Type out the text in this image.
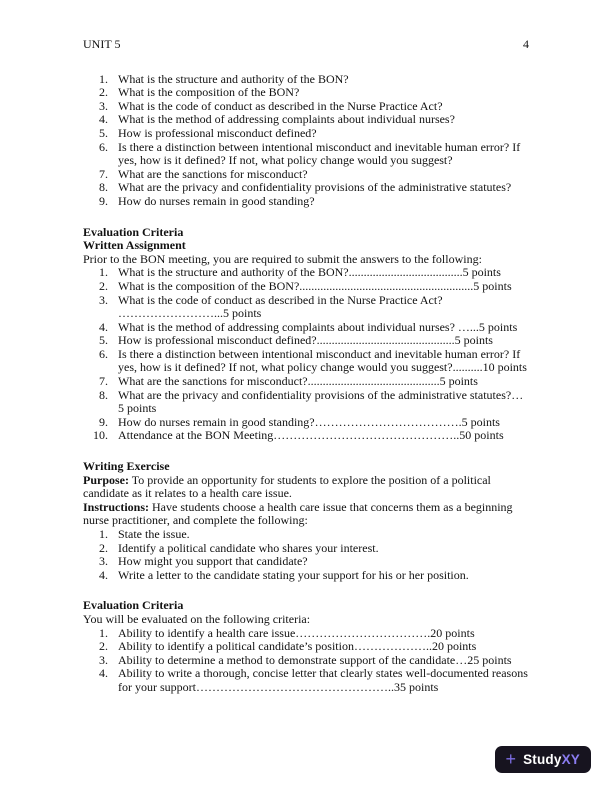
UNIT 5	4
1. What is the structure and authority of the BON?
2. What is the composition of the BON?
3. What is the code of conduct as described in the Nurse Practice Act?
4. What is the method of addressing complaints about individual nurses?
5. How is professional misconduct defined?
6. Is there a distinction between intentional misconduct and inevitable human error? If
yes, how is it defined? If not, what policy change would you suggest?
7. What are the sanctions for misconduct?
8. What are the privacy and confidentiality provisions of the administrative statutes?
9. How do nurses remain in good standing?
Evaluation Criteria
Written Assignment
Prior to the BON meeting, you are required to submit the answers to the following:
1. What is the structure and authority of the BON?......................................5 points
2. What is the composition of the BON?..........................................................5 points
3. What is the code of conduct as described in the Nurse Practice Act?
……………………...5 points
4. What is the method of addressing complaints about individual nurses? …...5 points
5. How is professional misconduct defined?..............................................5 points
6. Is there a distinction between intentional misconduct and inevitable human error? If
yes, how is it defined? If not, what policy change would you suggest?..........10 points
7. What are the sanctions for misconduct?............................................5 points
8. What are the privacy and confidentiality provisions of the administrative statutes?…
5 points
9. How do nurses remain in good standing?……………………………….5 points
10. Attendance at the BON Meeting………………………………………..50 points
Writing Exercise
Purpose: To provide an opportunity for students to explore the position of a political
candidate as it relates to a health care issue.
Instructions: Have students choose a health care issue that concerns them as a beginning
nurse practitioner, and complete the following:
1. State the issue.
2. Identify a political candidate who shares your interest.
3. How might you support that candidate?
4. Write a letter to the candidate stating your support for his or her position.
Evaluation Criteria
You will be evaluated on the following criteria:
1. Ability to identify a health care issue…………………………….20 points
2. Ability to identify a political candidate’s position………………..20 points
3. Ability to determine a method to demonstrate support of the candidate…25 points
4. Ability to write a thorough, concise letter that clearly states well-documented reasons
for your support…………………………………………..35 points
+ StudyXY
